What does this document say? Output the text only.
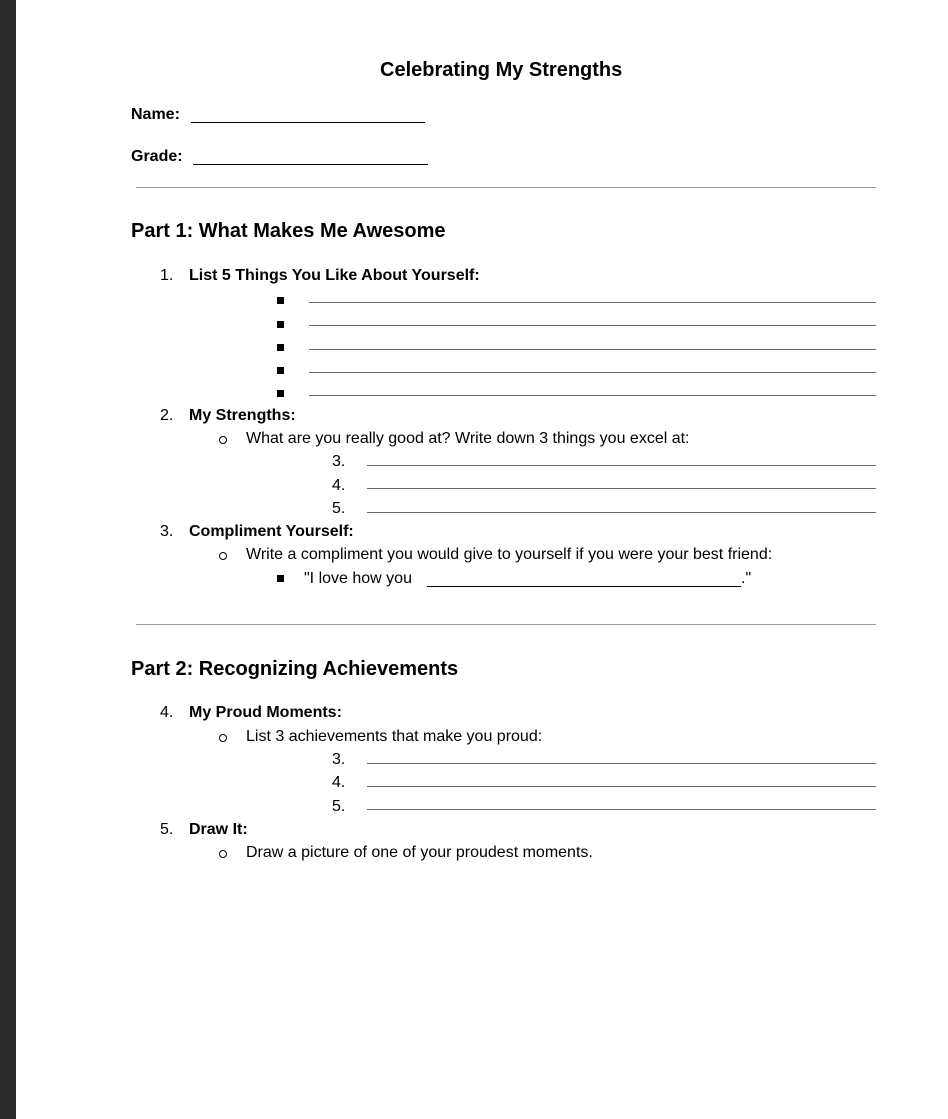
Celebrating My Strengths
Name:
Grade:
Part 1: What Makes Me Awesome
1. List 5 Things You Like About Yourself:
2. My Strengths:
What are you really good at? Write down 3 things you excel at:
3.
4.
5.
3. Compliment Yourself:
Write a compliment you would give to yourself if you were your best friend:
"I love how you	."
Part 2: Recognizing Achievements
4. My Proud Moments:
List 3 achievements that make you proud:
3.
4.
5.
5. Draw It:
Draw a picture of one of your proudest moments.
